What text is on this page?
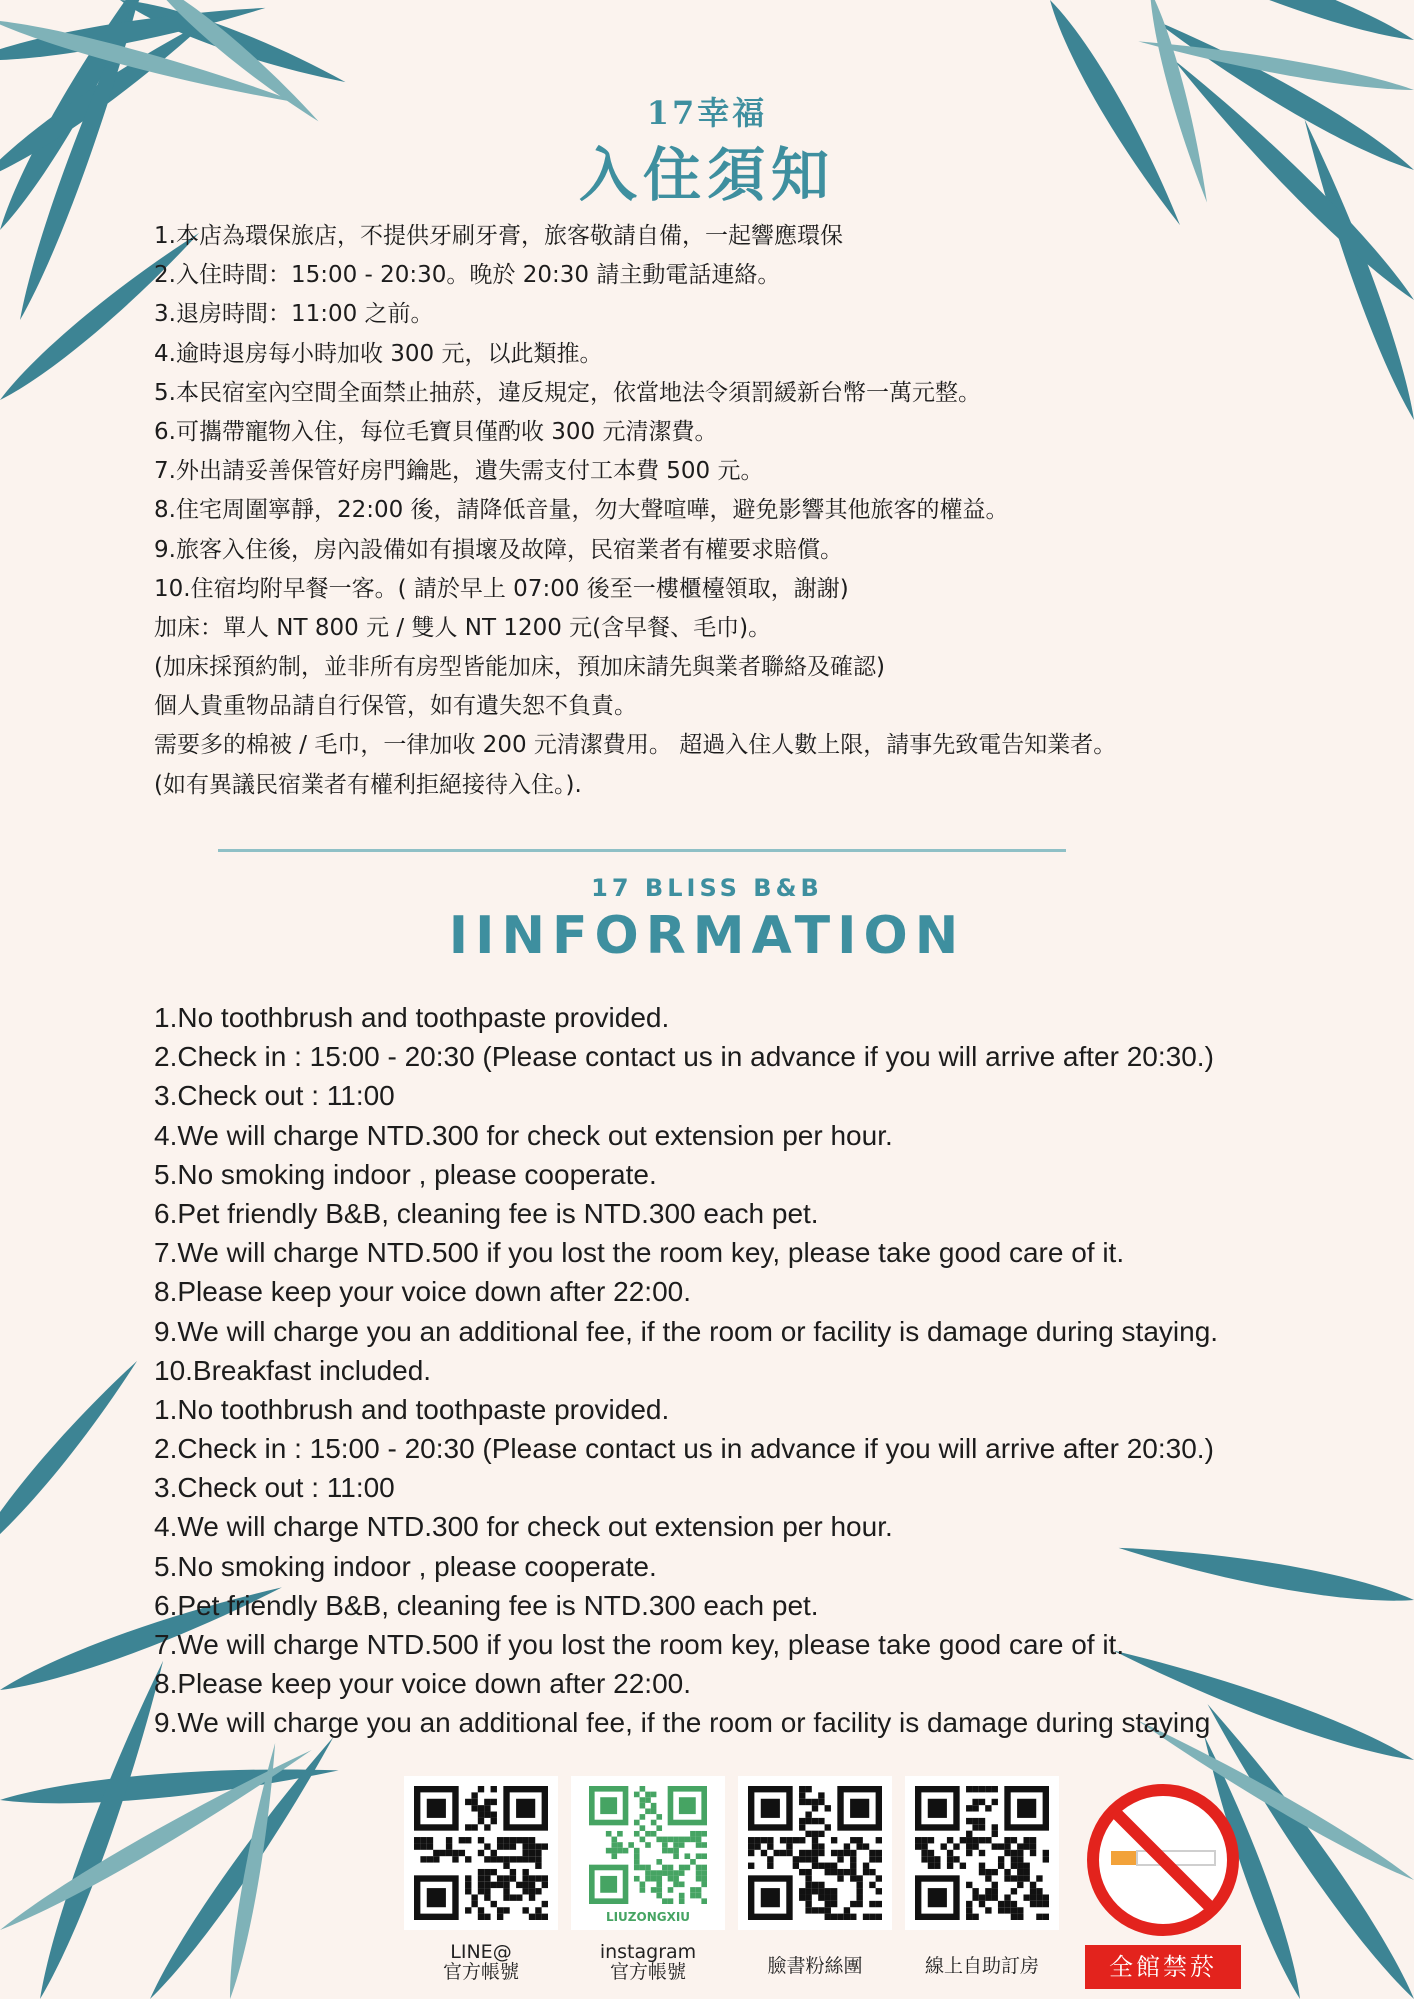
17幸福
入住須知
1.本店為環保旅店，不提供牙刷牙膏，旅客敬請自備，一起響應環保
2.入住時間：15:00 - 20:30。晚於 20:30 請主動電話連絡。
3.退房時間：11:00 之前。
4.逾時退房每小時加收 300 元，以此類推。
5.本民宿室內空間全面禁止抽菸，違反規定，依當地法令須罰緩新台幣一萬元整。
6.可攜帶寵物入住，每位毛寶貝僅酌收 300 元清潔費。
7.外出請妥善保管好房門鑰匙，遺失需支付工本費 500 元。
8.住宅周圍寧靜，22:00 後，請降低音量，勿大聲喧嘩，避免影響其他旅客的權益。
9.旅客入住後，房內設備如有損壞及故障，民宿業者有權要求賠償。
10.住宿均附早餐一客。( 請於早上 07:00 後至一樓櫃檯領取，謝謝)
加床：單人 NT 800 元 / 雙人 NT 1200 元(含早餐、毛巾)。
(加床採預約制，並非所有房型皆能加床，預加床請先與業者聯絡及確認)
個人貴重物品請自行保管，如有遺失恕不負責。
需要多的棉被 / 毛巾，一律加收 200 元清潔費用。 超過入住人數上限，請事先致電告知業者。
(如有異議民宿業者有權利拒絕接待入住。).
17 BLISS B&B
IINFORMATION
1.No toothbrush and toothpaste provided.
2.Check in : 15:00 - 20:30 (Please contact us in advance if you will arrive after 20:30.)
3.Check out : 11:00
4.We will charge NTD.300 for check out extension per hour.
5.No smoking indoor , please cooperate.
6.Pet friendly B&B, cleaning fee is NTD.300 each pet.
7.We will charge NTD.500 if you lost the room key, please take good care of it.
8.Please keep your voice down after 22:00.
9.We will charge you an additional fee, if the room or facility is damage during staying.
10.Breakfast included.
1.No toothbrush and toothpaste provided.
2.Check in : 15:00 - 20:30 (Please contact us in advance if you will arrive after 20:30.)
3.Check out : 11:00
4.We will charge NTD.300 for check out extension per hour.
5.No smoking indoor , please cooperate.
6.Pet friendly B&B, cleaning fee is NTD.300 each pet.
7.We will charge NTD.500 if you lost the room key, please take good care of it.
8.Please keep your voice down after 22:00.
9.We will charge you an additional fee, if the room or facility is damage during staying
LINE@
官方帳號
LIUZONGXIU
instagram
官方帳號	臉書粉絲團	線上自助訂房	全館禁菸
